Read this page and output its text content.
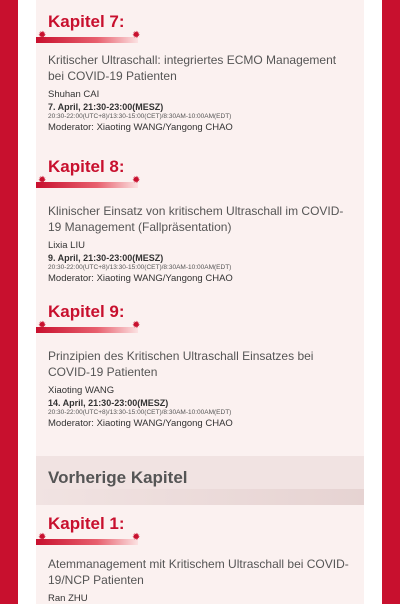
Kapitel 7:
✹	✹
Kritischer Ultraschall: integriertes ECMO Management bei COVID-19 Patienten
Shuhan CAI
7. April, 21:30-23:00(MESZ)
20:30-22:00(UTC+8)/13:30-15:00(CET)/8:30AM-10:00AM(EDT)
Moderator: Xiaoting WANG/Yangong CHAO
Kapitel 8:
✹	✹
Klinischer Einsatz von kritischem Ultraschall im COVID-19 Management (Fallpräsentation)
Lixia LIU
9. April, 21:30-23:00(MESZ)
20:30-22:00(UTC+8)/13:30-15:00(CET)/8:30AM-10:00AM(EDT)
Moderator: Xiaoting WANG/Yangong CHAO
Kapitel 9:
✹	✹
Prinzipien des Kritischen Ultraschall Einsatzes bei COVID-19 Patienten
Xiaoting WANG
14. April, 21:30-23:00(MESZ)
20:30-22:00(UTC+8)/13:30-15:00(CET)/8:30AM-10:00AM(EDT)
Moderator: Xiaoting WANG/Yangong CHAO
Vorherige Kapitel
Kapitel 1:
✹	✹
Atemmanagement mit Kritischem Ultraschall bei COVID-19/NCP Patienten
Ran ZHU
